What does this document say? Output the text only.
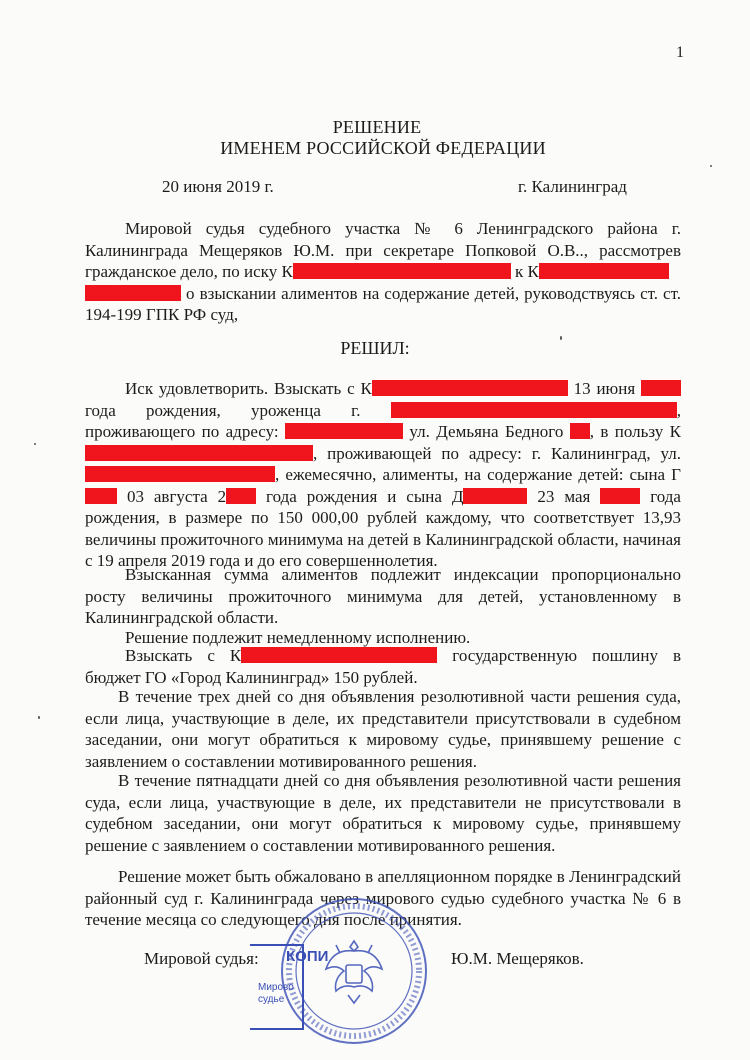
1
РЕШЕНИЕ
ИМЕНЕМ РОССИЙСКОЙ ФЕДЕРАЦИИ
20 июня 2019 г.	г. Калининград

Мировой судья судебного участка № 6 Ленинградского района г. Калининграда Мещеряков Ю.М. при секретаре Попковой О.В.., рассмотрев гражданское дело, по иску К	к К
о взыскании алиментов на содержание детей, руководствуясь ст. ст. 194-199 ГПК РФ суд,

РЕШИЛ:

Иск удовлетворить. Взыскать с К	13 июня  года рождения, уроженца г.	, проживающего по адресу:	ул. Демьяна Бедного , в пользу К, проживающей по адресу: г. Калининград, ул. , ежемесячно, алименты, на содержание детей: сына Г 03 августа 2 года рождения и сына Д	23 мая  года рождения, в размере по 150 000,00 рублей каждому, что соответствует 13,93 величины прожиточного минимума на детей в Калининградской области, начиная с 19 апреля 2019 года и до его совершеннолетия.

Взысканная сумма алиментов подлежит индексации пропорционально росту величины прожиточного минимума для детей, установленному в Калининградской области.

Решение подлежит немедленному исполнению.

Взыскать с К	государственную пошлину в бюджет ГО «Город Калининград» 150 рублей.

В течение трех дней со дня объявления резолютивной части решения суда, если лица, участвующие в деле, их представители присутствовали в судебном заседании, они могут обратиться к мировому судье, принявшему решение с заявлением о составлении мотивированного решения.

В течение пятнадцати дней со дня объявления резолютивной части решения суда, если лица, участвующие в деле, их представители не присутствовали в судебном заседании, они могут обратиться к мировому судье, принявшему решение с заявлением о составлении мотивированного решения.

Решение может быть обжаловано в апелляционном порядке в Ленинградский районный суд г. Калининграда через мирового судью судебного участка № 6 в течение месяца со следующего дня после принятия.

Мировой судья:	Ю.М. Мещеряков.
КОПИ
Мирово
судье
